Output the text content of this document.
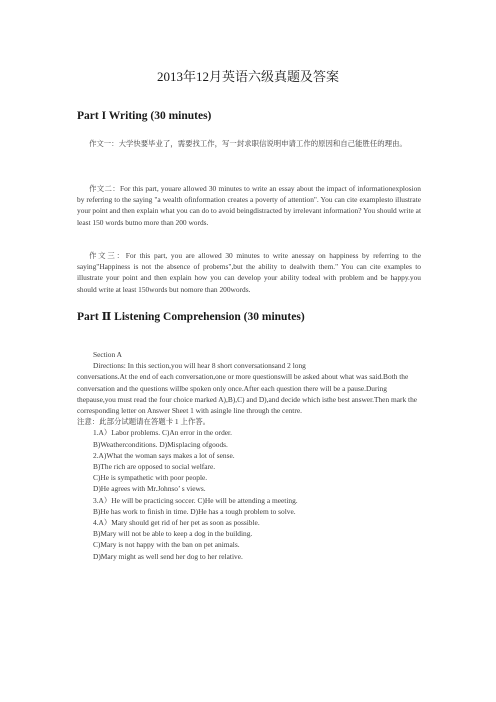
2013年12月英语六级真题及答案
Part I Writing (30 minutes)
作文一：大学快要毕业了，需要找工作，写一封求职信说明申请工作的原因和自己能胜任的理由。
作文二：For this part, youare allowed 30 minutes to write an essay about the impact of informationexplosion by referring to the saying "a wealth ofinformation creates a poverty of attention". You can cite examplesto illustrate your point and then explain what you can do to avoid beingdistracted by irrelevant information? You should write at least 150 words butno more than 200 words.
作文三：For this part, you are allowed 30 minutes to write anessay on happiness by referring to the saying"Happiness is not the absence of probems",but the ability to dealwith them." You can cite examples to illustrate your point and then explain how you can develop your ability todeal with problem and be happy.you should write at least 150words but nomore than 200words.
Part Ⅱ Listening Comprehension (30 minutes)

Section A

Directions: In this section,you will hear 8 short conversationsand 2 long

conversations.At the end of each conversation,one or more questionswill be asked about what was said.Both the conversation and the questions willbe spoken only once.After each question there will be a pause.During thepause,you must read the four choice marked A),B),C) and D),and decide which isthe best answer.Then mark the corresponding letter on Answer Sheet 1 with asingle line through the centre.

注意：此部分试题请在答题卡 1 上作答。

1.A）Labor problems. C)An error in the order.
B)Weatherconditions. D)Misplacing ofgoods.
2.A)What the woman says makes a lot of sense.
B)The rich are opposed to social welfare.
C)He is sympathetic with poor people.
D)He agrees with Mr.Johnso’ s views.
3.A）He will be practicing soccer. C)He will be attending a meeting.
B)He has work to finish in time. D)He has a tough problem to solve.
4.A）Mary should get rid of her pet as soon as possible.
B)Mary will not be able to keep a dog in the building.
C)Mary is not happy with the ban on pet animals.
D)Mary might as well send her dog to her relative.
